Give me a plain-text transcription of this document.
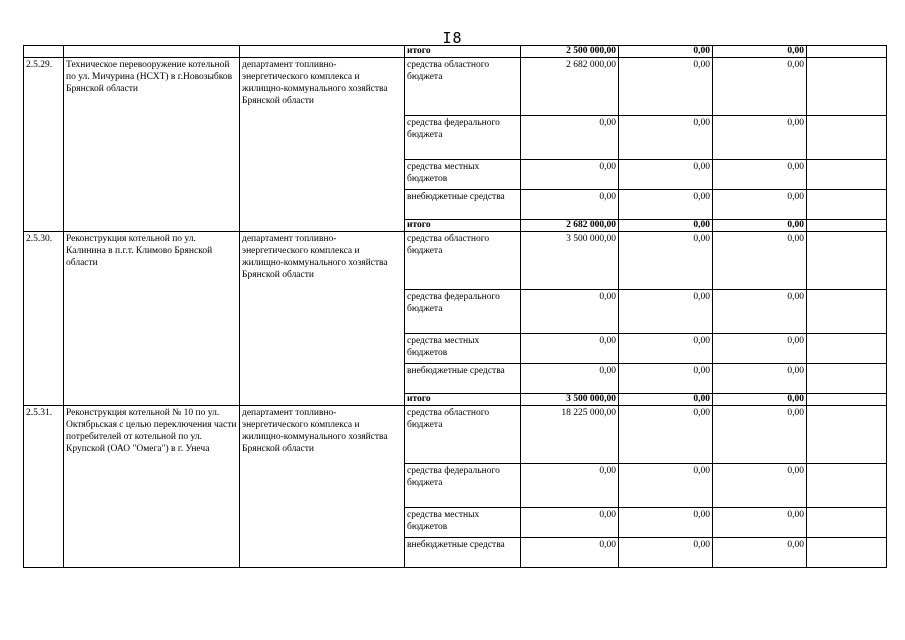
I8
			итого	2 500 000,00	0,00	0,00	
2.5.29.	Техническое перевооружение котельной по ул. Мичурина (НСХТ) в г.Новозыбков Брянской области	департамент топливно-энергетического комплекса и жилищно-коммунального хозяйства Брянской области	средства областного бюджета	2 682 000,00	0,00	0,00	
			средства федерального бюджета	0,00	0,00	0,00	
			средства местных бюджетов	0,00	0,00	0,00	
			внебюджетные средства	0,00	0,00	0,00	
			итого	2 682 000,00	0,00	0,00	
2.5.30.	Реконструкция котельной по ул. Калинина в п.г.т. Климово Брянской области	департамент топливно-энергетического комплекса и жилищно-коммунального хозяйства Брянской области	средства областного бюджета	3 500 000,00	0,00	0,00	
			средства федерального бюджета	0,00	0,00	0,00	
			средства местных бюджетов	0,00	0,00	0,00	
			внебюджетные средства	0,00	0,00	0,00	
			итого	3 500 000,00	0,00	0,00	
2.5.31.	Реконструкция котельной № 10 по ул. Октябрьская с целью переключения части потребителей от котельной по ул. Крупской (ОАО "Омега") в г. Унеча	департамент топливно-энергетического комплекса и жилищно-коммунального хозяйства Брянской области	средства областного бюджета	18 225 000,00	0,00	0,00	
			средства федерального бюджета	0,00	0,00	0,00	
			средства местных бюджетов	0,00	0,00	0,00	
			внебюджетные средства	0,00	0,00	0,00	
